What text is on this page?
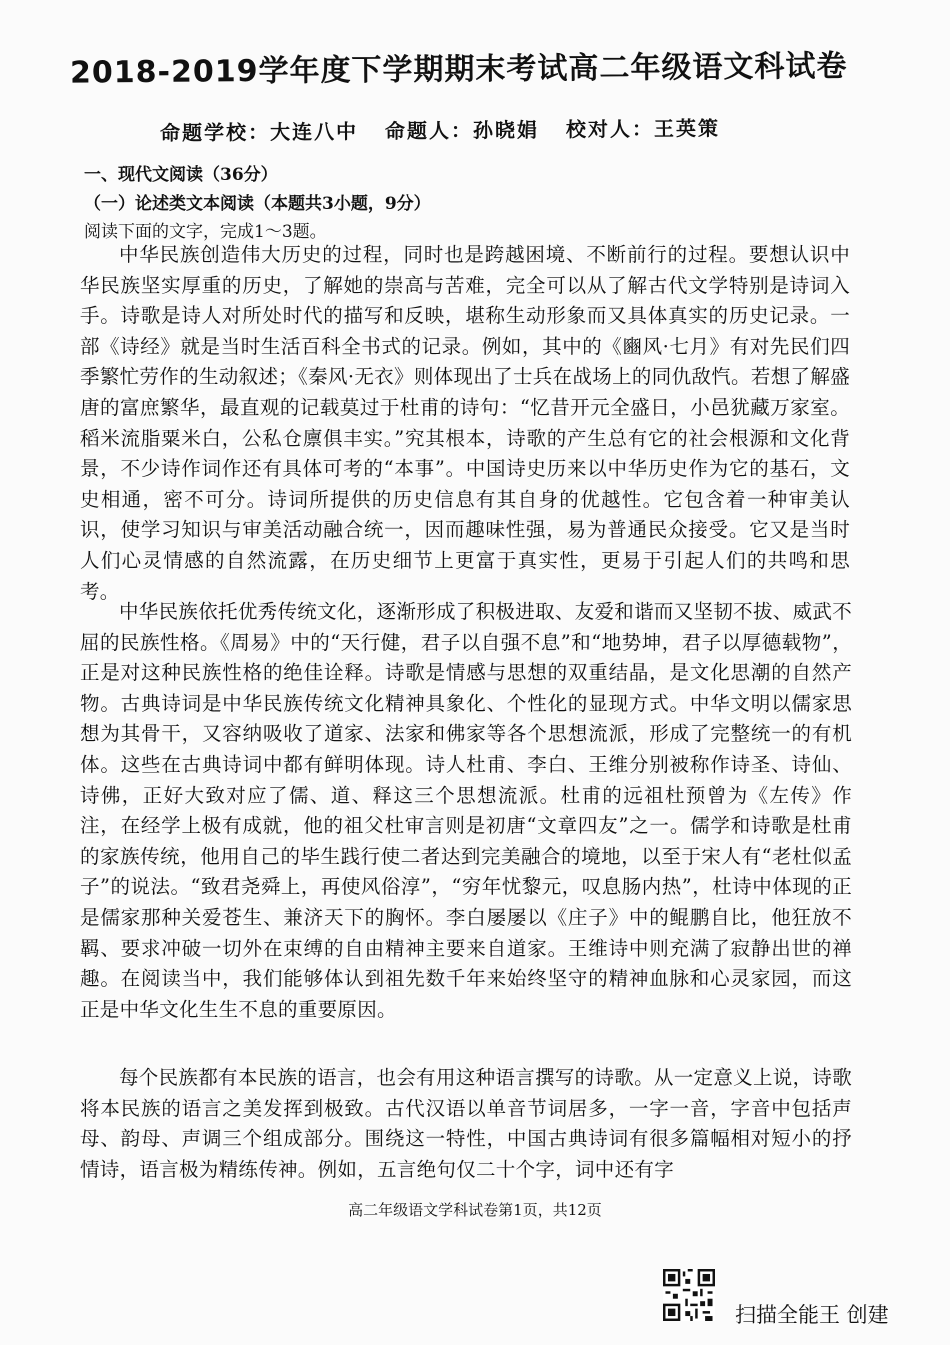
2018-2019学年度下学期期末考试高二年级语文科试卷
命题学校：大连八中 命题人：孙晓娟 校对人：王英策
一、现代文阅读（36分）
（一）论述类文本阅读（本题共3小题，9分）
阅读下面的文字，完成1～3题。

中华民族创造伟大历史的过程，同时也是跨越困境、不断前行的过程。要想认识中华民族坚实厚重的历史，了解她的崇高与苦难，完全可以从了解古代文学特别是诗词入手。诗歌是诗人对所处时代的描写和反映，堪称生动形象而又具体真实的历史记录。一部《诗经》就是当时生活百科全书式的记录。例如，其中的《豳风·七月》有对先民们四季繁忙劳作的生动叙述；《秦风·无衣》则体现出了士兵在战场上的同仇敌忾。若想了解盛唐的富庶繁华，最直观的记载莫过于杜甫的诗句：“忆昔开元全盛日，小邑犹藏万家室。稻米流脂粟米白，公私仓廪俱丰实。”究其根本，诗歌的产生总有它的社会根源和文化背景，不少诗作词作还有具体可考的“本事”。中国诗史历来以中华历史作为它的基石，文史相通，密不可分。诗词所提供的历史信息有其自身的优越性。它包含着一种审美认识，使学习知识与审美活动融合统一，因而趣味性强，易为普通民众接受。它又是当时人们心灵情感的自然流露，在历史细节上更富于真实性，更易于引起人们的共鸣和思考。

中华民族依托优秀传统文化，逐渐形成了积极进取、友爱和谐而又坚韧不拔、威武不屈的民族性格。《周易》中的“天行健，君子以自强不息”和“地势坤，君子以厚德载物”，正是对这种民族性格的绝佳诠释。诗歌是情感与思想的双重结晶，是文化思潮的自然产物。古典诗词是中华民族传统文化精神具象化、个性化的显现方式。中华文明以儒家思想为其骨干，又容纳吸收了道家、法家和佛家等各个思想流派，形成了完整统一的有机体。这些在古典诗词中都有鲜明体现。诗人杜甫、李白、王维分别被称作诗圣、诗仙、诗佛，正好大致对应了儒、道、释这三个思想流派。杜甫的远祖杜预曾为《左传》作注，在经学上极有成就，他的祖父杜审言则是初唐“文章四友”之一。儒学和诗歌是杜甫的家族传统，他用自己的毕生践行使二者达到完美融合的境地，以至于宋人有“老杜似孟子”的说法。“致君尧舜上，再使风俗淳”，“穷年忧黎元，叹息肠内热”，杜诗中体现的正是儒家那种关爱苍生、兼济天下的胸怀。李白屡屡以《庄子》中的鲲鹏自比，他狂放不羁、要求冲破一切外在束缚的自由精神主要来自道家。王维诗中则充满了寂静出世的禅趣。在阅读当中，我们能够体认到祖先数千年来始终坚守的精神血脉和心灵家园，而这正是中华文化生生不息的重要原因。

每个民族都有本民族的语言，也会有用这种语言撰写的诗歌。从一定意义上说，诗歌将本民族的语言之美发挥到极致。古代汉语以单音节词居多，一字一音，字音中包括声母、韵母、声调三个组成部分。围绕这一特性，中国古典诗词有很多篇幅相对短小的抒情诗，语言极为精练传神。例如，五言绝句仅二十个字，词中还有字

高二年级语文学科试卷第1页，共12页
扫描全能王 创建
